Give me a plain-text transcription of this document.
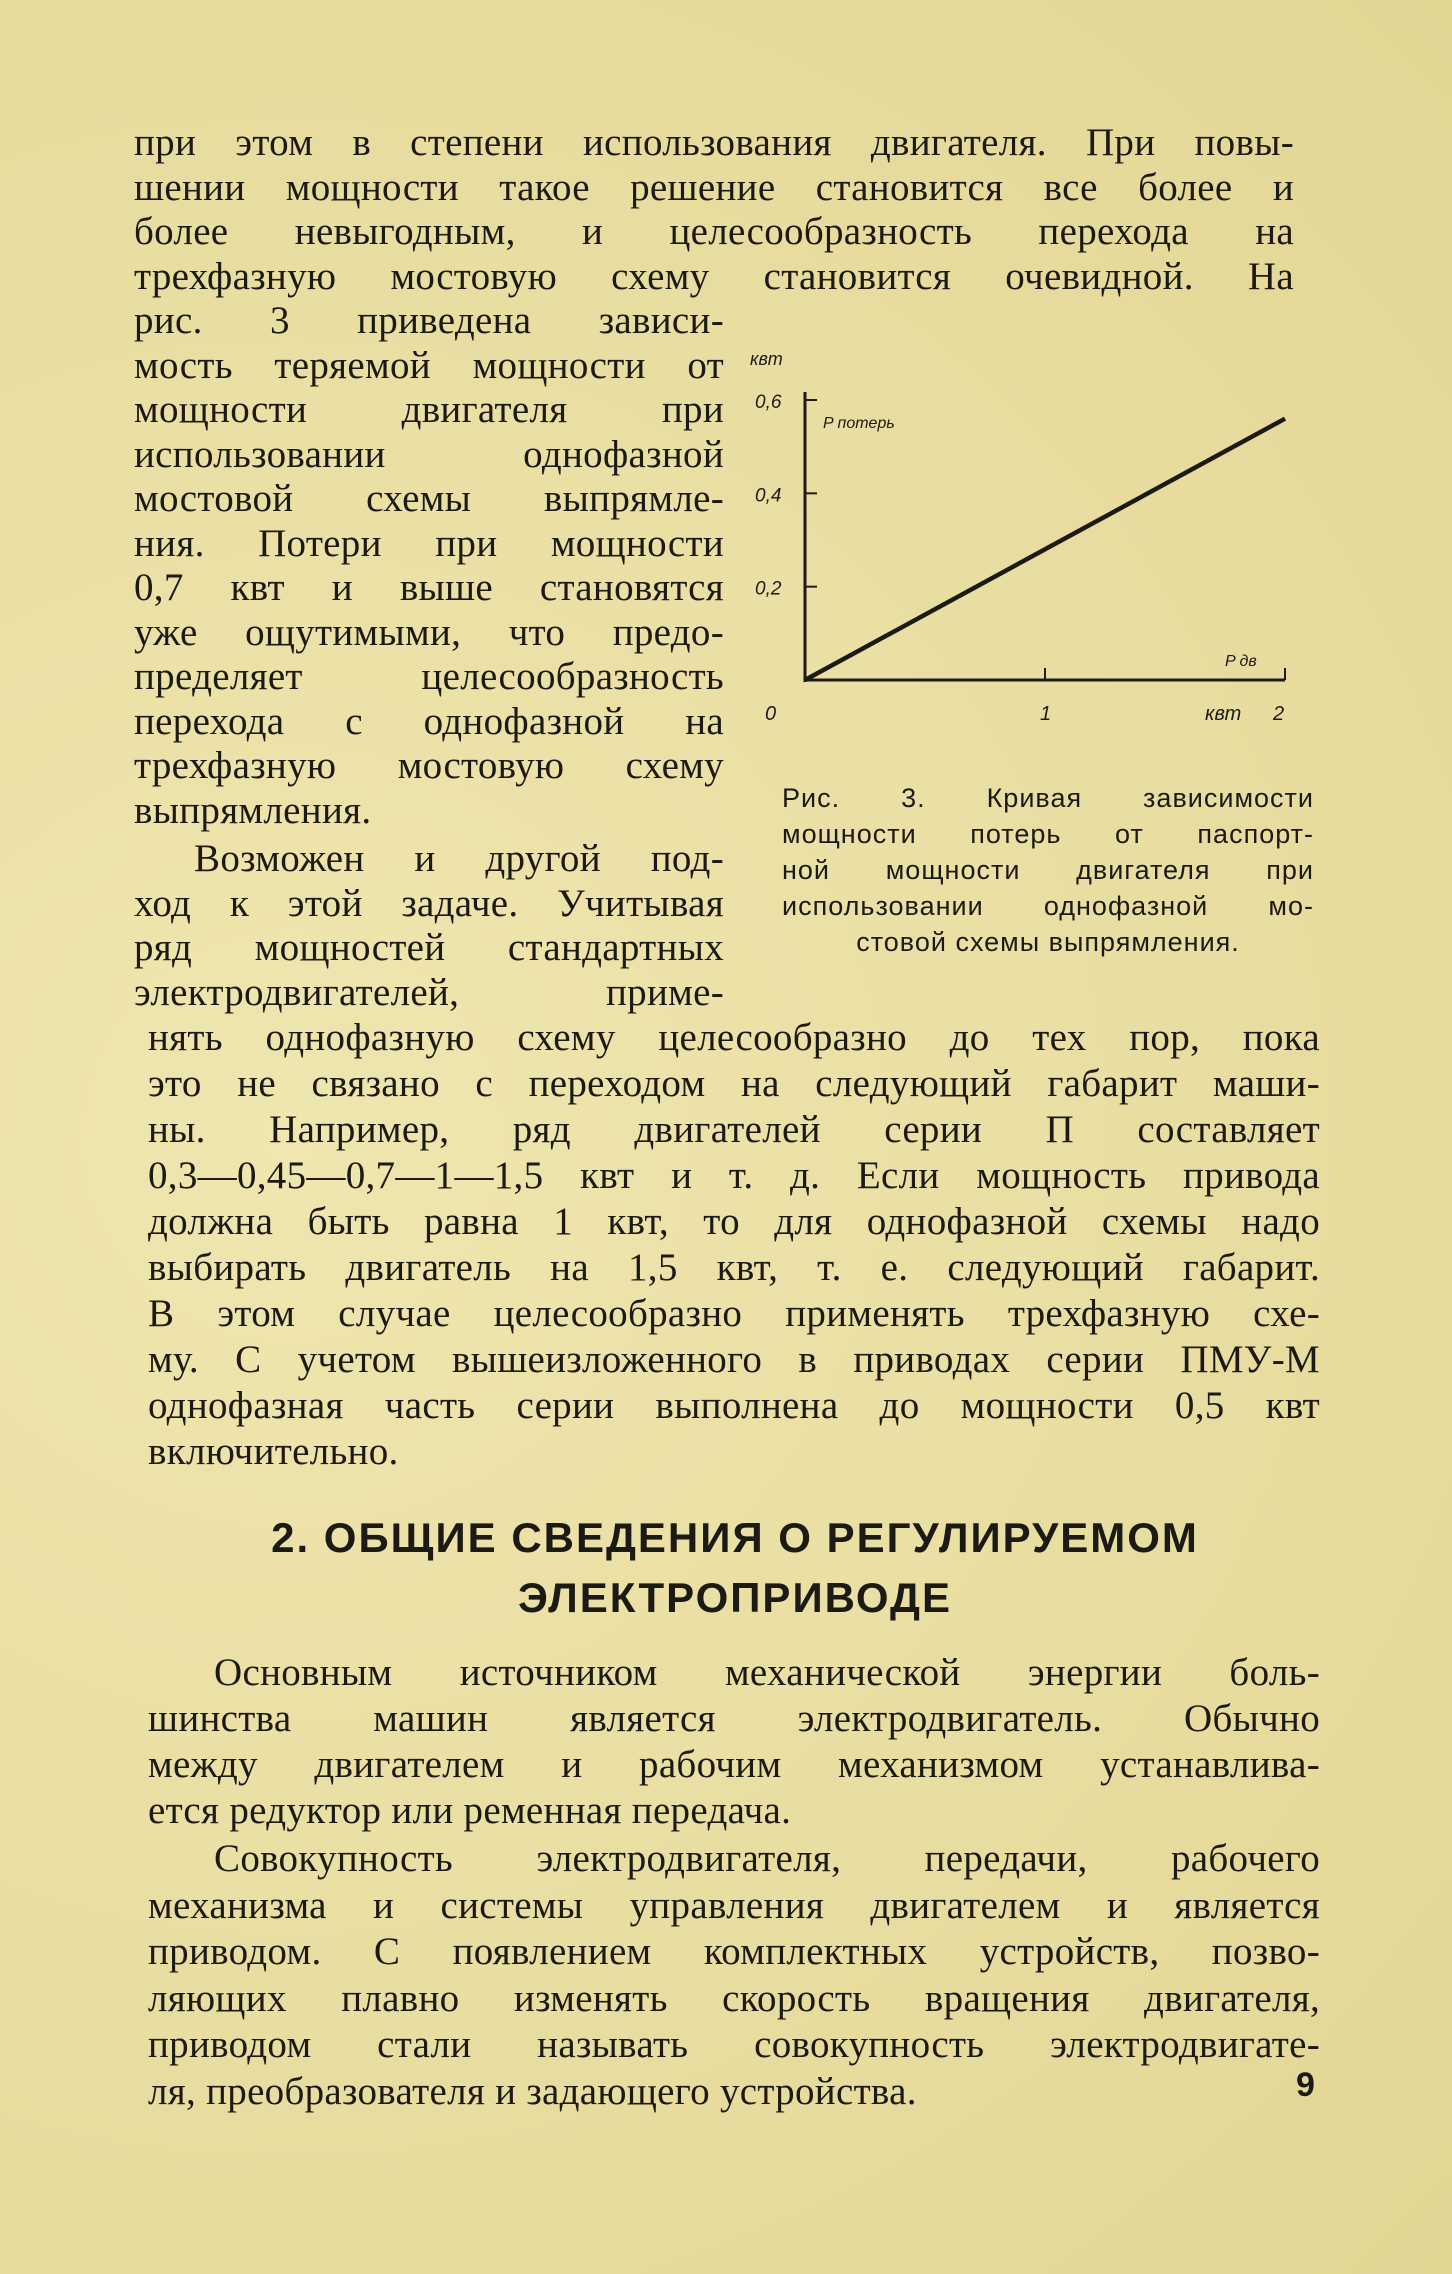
при этом в степени использования двигателя. При повы-
шении мощности такое решение становится все более и
более невыгодным, и целесообразность перехода на
трехфазную мостовую схему становится очевидной. На
рис. 3 приведена зависи-
мость теряемой мощности от
мощности двигателя при
использовании однофазной
мостовой схемы выпрямле-
ния. Потери при мощности
0,7 квт и выше становятся
уже ощутимыми, что предо-
пределяет целесообразность
перехода с однофазной на
трехфазную мостовую схему
выпрямления.
Возможен и другой под-
ход к этой задаче. Учитывая
ряд мощностей стандартных
электродвигателей, приме-
нять однофазную схему целесообразно до тех пор, пока
это не связано с переходом на следующий габарит маши-
ны. Например, ряд двигателей серии П составляет
0,3—0,45—0,7—1—1,5 квт и т. д. Если мощность привода
должна быть равна 1 квт, то для однофазной схемы надо
выбирать двигатель на 1,5 квт, т. е. следующий габарит.
В этом случае целесообразно применять трехфазную схе-
му. С учетом вышеизложенного в приводах серии ПМУ-М
однофазная часть серии выполнена до мощности 0,5 квт
включительно.
0,2
0,4
0,6
1
0
квт
P потерь
квт 2
P дв
Рис. 3. Кривая зависимости
мощности потерь от паспорт-
ной мощности двигателя при
использовании однофазной мо-
стовой схемы выпрямления.
2. ОБЩИЕ СВЕДЕНИЯ О РЕГУЛИРУЕМОМ
ЭЛЕКТРОПРИВОДЕ
Основным источником механической энергии боль-
шинства машин является электродвигатель. Обычно
между двигателем и рабочим механизмом устанавлива-
ется редуктор или ременная передача.
Совокупность электродвигателя, передачи, рабочего
механизма и системы управления двигателем и является
приводом. С появлением комплектных устройств, позво-
ляющих плавно изменять скорость вращения двигателя,
приводом стали называть совокупность электродвигате-
ля, преобразователя и задающего устройства.	9
